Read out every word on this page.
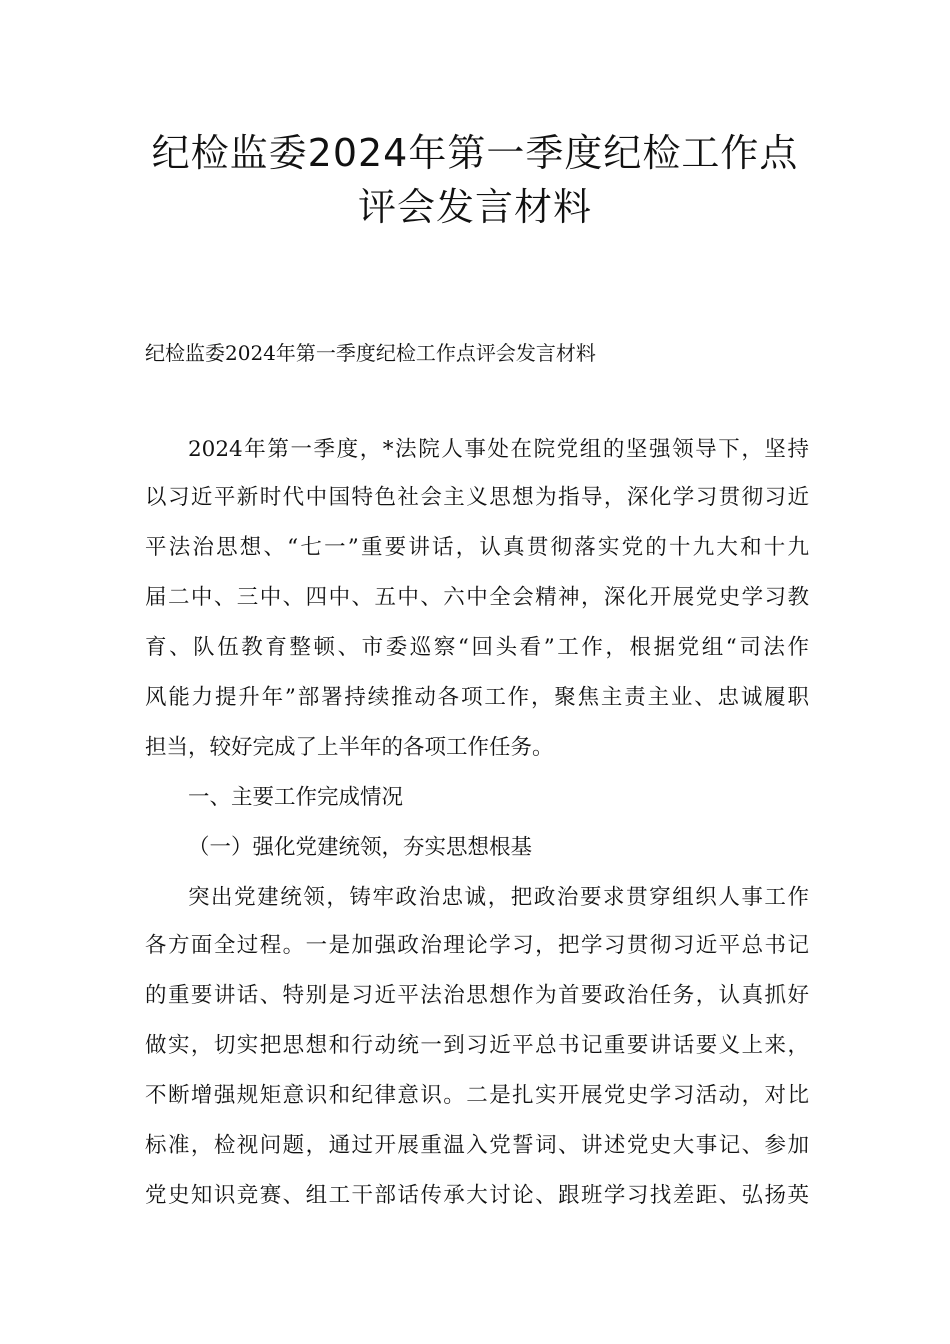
纪检监委2024年第一季度纪检工作点
评会发言材料
纪检监委2024年第一季度纪检工作点评会发言材料
2024年第一季度，*法院人事处在院党组的坚强领导下，坚持
以习近平新时代中国特色社会主义思想为指导，深化学习贯彻习近
平法治思想、“七一”重要讲话，认真贯彻落实党的十九大和十九
届二中、三中、四中、五中、六中全会精神，深化开展党史学习教
育、队伍教育整顿、市委巡察“回头看”工作，根据党组“司法作
风能力提升年”部署持续推动各项工作，聚焦主责主业、忠诚履职
担当，较好完成了上半年的各项工作任务。
一、主要工作完成情况
（一）强化党建统领，夯实思想根基
突出党建统领，铸牢政治忠诚，把政治要求贯穿组织人事工作
各方面全过程。一是加强政治理论学习，把学习贯彻习近平总书记
的重要讲话、特别是习近平法治思想作为首要政治任务，认真抓好
做实，切实把思想和行动统一到习近平总书记重要讲话要义上来，
不断增强规矩意识和纪律意识。二是扎实开展党史学习活动，对比
标准，检视问题，通过开展重温入党誓词、讲述党史大事记、参加
党史知识竞赛、组工干部话传承大讨论、跟班学习找差距、弘扬英
